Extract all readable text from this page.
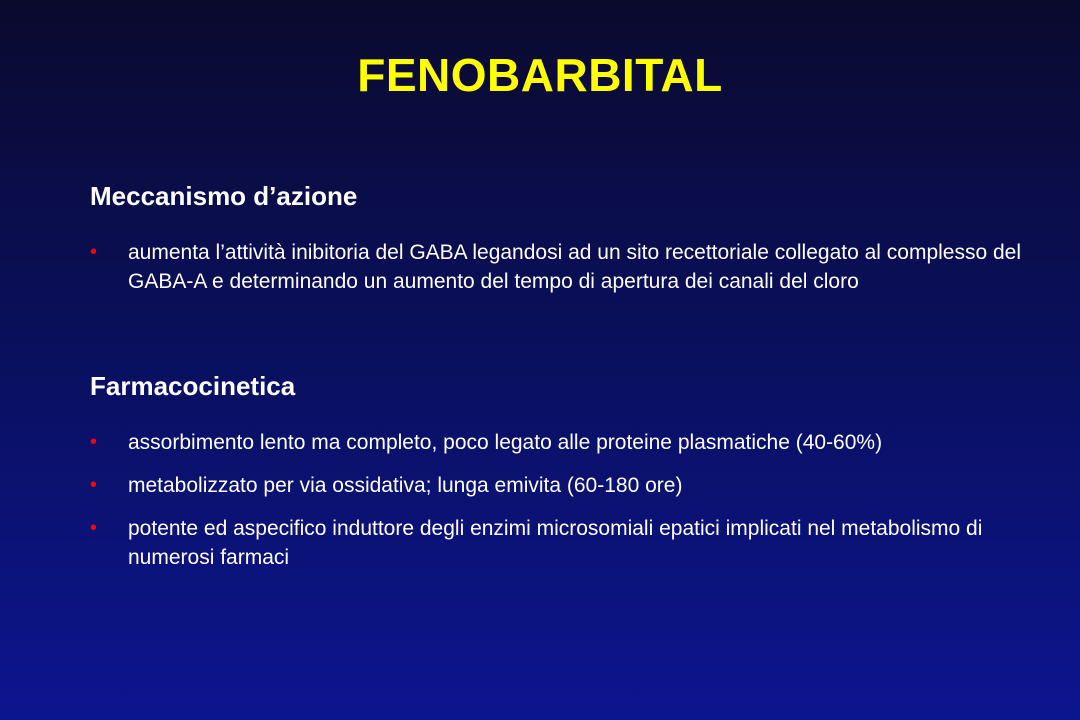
FENOBARBITAL
Meccanismo d’azione
• aumenta l’attività inibitoria del GABA legandosi ad un sito recettoriale collegato al complesso del GABA-A e determinando un aumento del tempo di apertura dei canali del cloro
Farmacocinetica
• assorbimento lento ma completo, poco legato alle proteine plasmatiche (40-60%)
• metabolizzato per via ossidativa; lunga emivita (60-180 ore)
• potente ed aspecifico induttore degli enzimi microsomiali epatici implicati nel metabolismo di numerosi farmaci
